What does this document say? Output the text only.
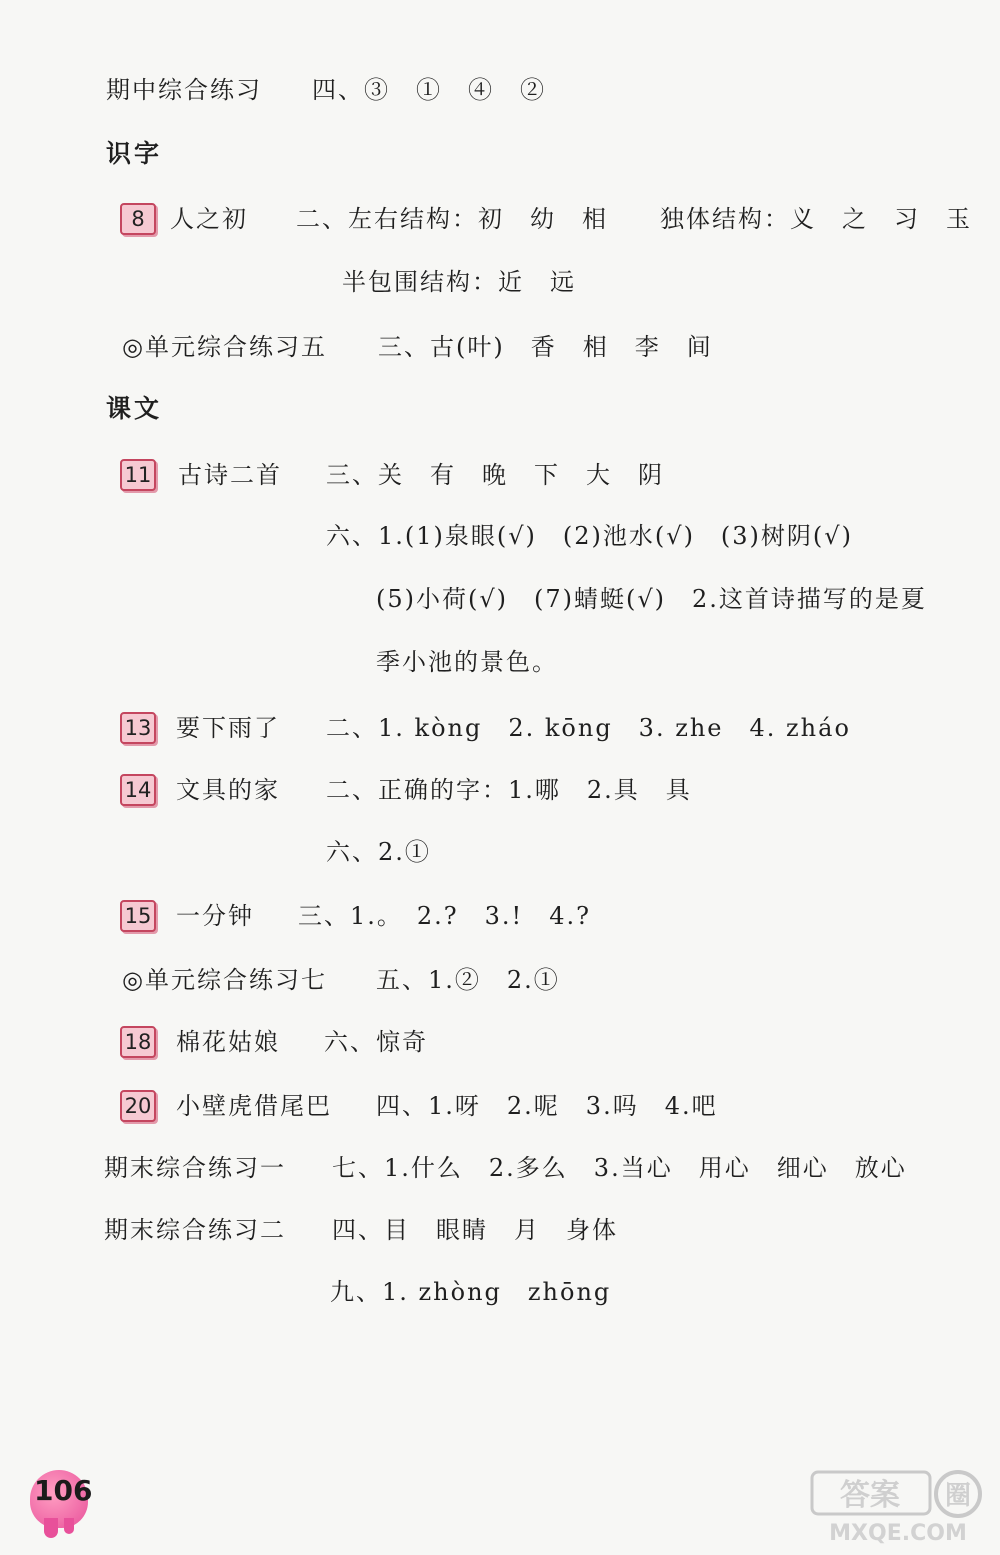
期中综合练习 四、③　①　④　②
识字
8	人之初 二、左右结构：初　幼　相　　独体结构：义　之　习　玉
半包围结构：近　远
◎单元综合练习五 三、古(叶)　香　相　李　间
课文
11 古诗二首 三、关　有　晚　下　大　阴
六、1.(1)泉眼(√)　(2)池水(√)　(3)树阴(√)
(5)小荷(√)　(7)蜻蜓(√)　2.这首诗描写的是夏
季小池的景色。
13 要下雨了 二、1. kòng　2. kōng　3. zhe　4. zháo
14 文具的家 二、正确的字：1.哪　2.具　具
六、2.①
15 一分钟 三、1.。　2.?　3.!　4.?
◎单元综合练习七 五、1.②　2.①
18 棉花姑娘 六、惊奇
20 小壁虎借尾巴 四、1.呀　2.呢　3.吗　4.吧
期末综合练习一 七、1.什么　2.多么　3.当心　用心　细心　放心
期末综合练习二 四、目　眼睛　月　身体
九、1. zhòng　zhōng
106	答案 圈
MXQE.COM
